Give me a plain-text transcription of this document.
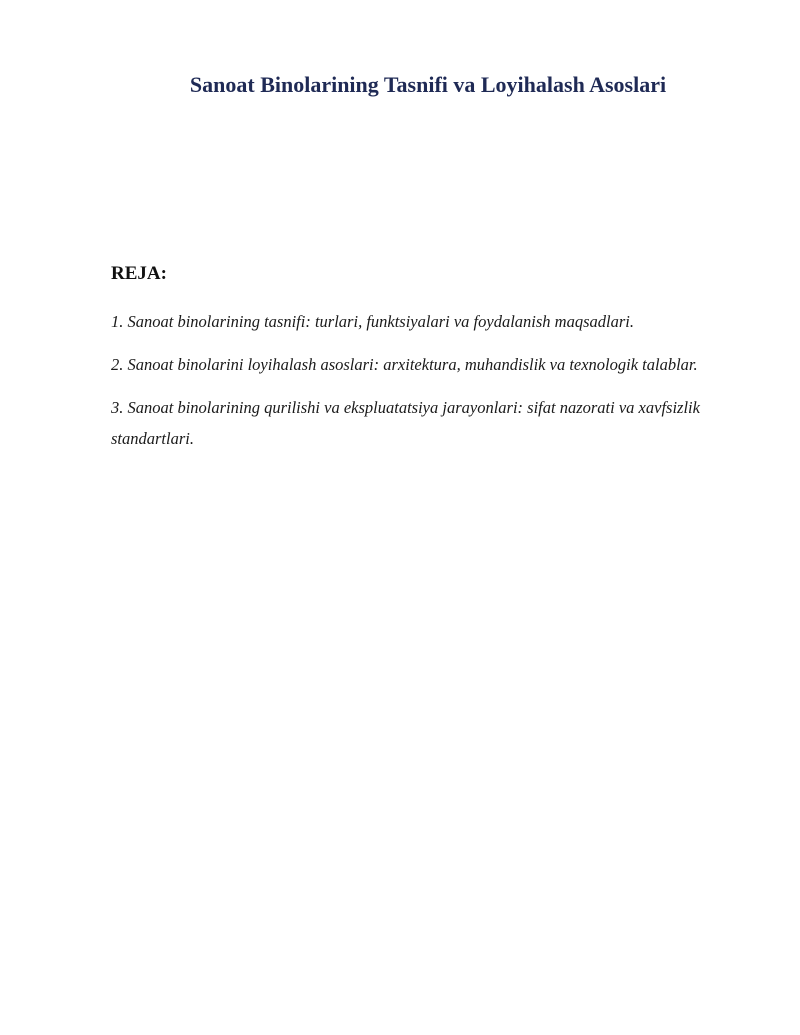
Sanoat Binolarining Tasnifi va Loyihalash Asoslari
REJA:
1. Sanoat binolarining tasnifi: turlari, funktsiyalari va foydalanish maqsadlari.
2. Sanoat binolarini loyihalash asoslari: arxitektura, muhandislik va texnologik talablar.
3. Sanoat binolarining qurilishi va ekspluatatsiya jarayonlari: sifat nazorati va xavfsizlik standartlari.
